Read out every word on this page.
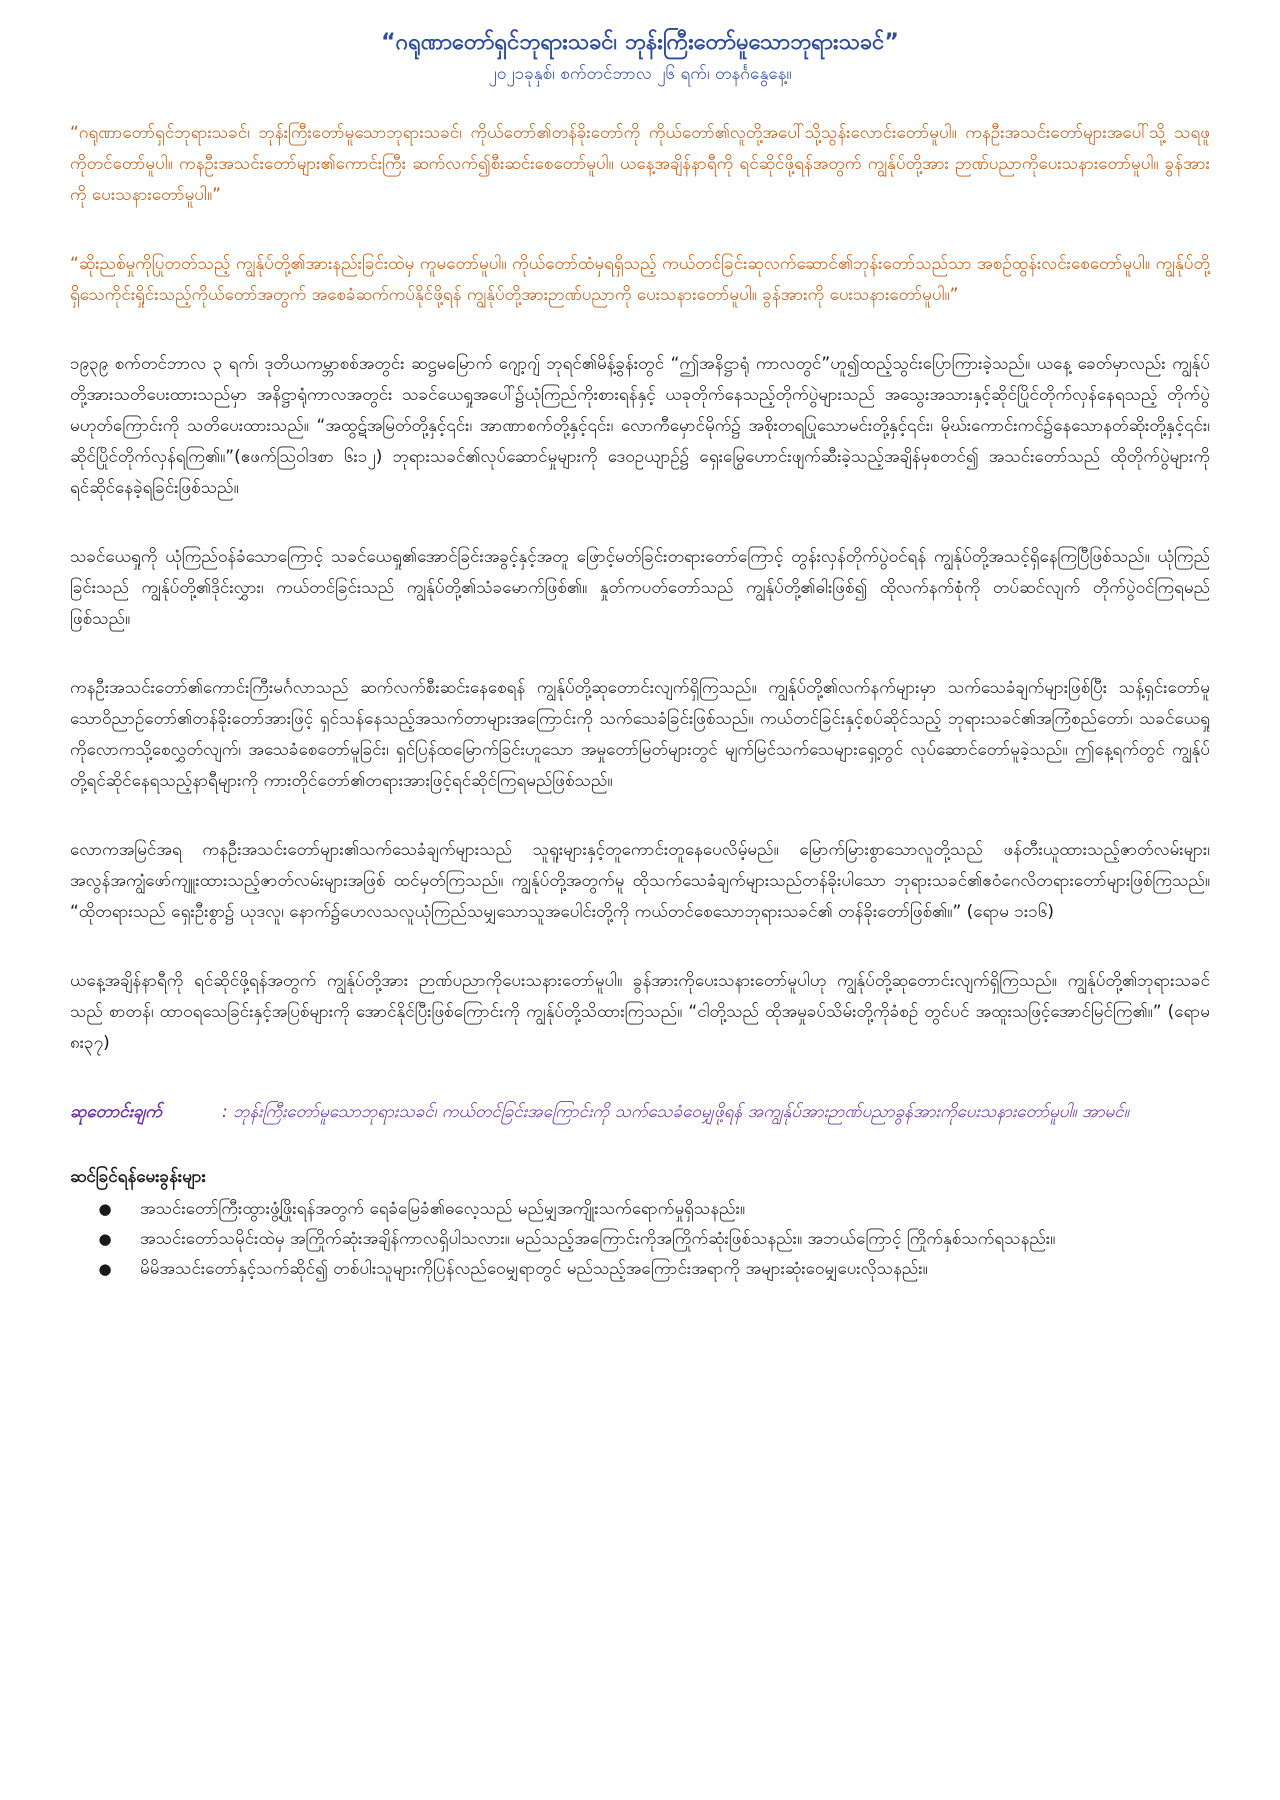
“ဂရုဏာတော်ရှင်ဘုရားသခင်၊ ဘုန်းကြီးတော်မူသောဘုရားသခင်”

၂၀၂၁ခုနှစ်၊ စက်တင်ဘာလ ၂၆ ရက်၊ တနင်္ဂနွေနေ့။

“ဂရုဏာတော်ရှင်ဘုရားသခင်၊ ဘုန်းကြီးတော်မူသောဘုရားသခင်၊ ကိုယ်တော်၏တန်ခိုးတော်ကို ကိုယ်တော်၏လူတို့အပေါ်သို့သွန်းလောင်းတော်မူပါ။ ကနဦးအသင်းတော်များအပေါ်သို့ သရဖူကိုတင်တော်မူပါ။ ကနဦးအသင်းတော်များ၏ကောင်းကြီး ဆက်လက်၍စီးဆင်းစေတော်မူပါ။ ယနေ့အချိန်နာရီကို ရင်ဆိုင်ဖို့ရန်အတွက် ကျွန်ုပ်တို့အား ဉာဏ်ပညာကိုပေးသနားတော်မူပါ။ ခွန်အားကို ပေးသနားတော်မူပါ။”

“ဆိုးညစ်မှုကိုပြုတတ်သည့် ကျွန်ုပ်တို့၏အားနည်းခြင်းထဲမှ ကူမတော်မူပါ။ ကိုယ်တော်ထံမှရရှိသည့် ကယ်တင်ခြင်းဆုလက်ဆောင်၏ဘုန်းတော်သည်သာ အစဉ်ထွန်းလင်းစေတော်မူပါ။ ကျွန်ုပ်တို့ရှိသေကိုင်းရှိုင်းသည့်ကိုယ်တော်အတွက် အစေခံဆက်ကပ်နိုင်ဖို့ရန် ကျွန်ုပ်တို့အားဉာဏ်ပညာကို ပေးသနားတော်မူပါ။ ခွန်အားကို ပေးသနားတော်မူပါ။”

၁၉၃၉ စက်တင်ဘာလ ၃ ရက်၊ ဒုတိယကမ္ဘာစစ်အတွင်း ဆဋ္ဌမမြောက် ဂျော့ဂျ် ဘုရင်၏မိန့်ခွန်းတွင် “ဤအနိဋ္ဌာရုံ ကာလတွင်”ဟူ၍ထည့်သွင်းပြောကြားခဲ့သည်။ ယနေ့ ခေတ်မှာလည်း ကျွန်ုပ်တို့အားသတိပေးထားသည်မှာ အနိဋ္ဌာရုံကာလအတွင်း သခင်ယေရှုအပေါ်၌ယုံကြည်ကိုးစားရန်နှင့် ယခုတိုက်နေသည့်တိုက်ပွဲများသည် အသွေးအသားနှင့်ဆိုင်ပြိုင်တိုက်လှန်နေရသည့် တိုက်ပွဲမဟုတ်ကြောင်းကို သတိပေးထားသည်။ “အထွဋ်အမြတ်တို့နှင့်၎င်း၊ အာဏာစက်တို့နှင့်၎င်း၊ လောကီမှောင်မိုက်၌ အစိုးတရပြုသောမင်းတို့နှင့်၎င်း၊ မိုဃ်းကောင်းကင်၌နေသောနတ်ဆိုးတို့နှင့်၎င်း၊ ဆိုင်ပြိုင်တိုက်လှန်ရကြ၏။”(ဧဖက်သြဝါဒစာ ၆း၁၂) ဘုရားသခင်၏လုပ်ဆောင်မှုများကို ဒေဝဥယျာဉ်၌ ရှေးမြွေဟောင်းဖျက်ဆီးခဲ့သည့်အချိန်မှစတင်၍ အသင်းတော်သည် ထိုတိုက်ပွဲများကို ရင်ဆိုင်နေခဲ့ရခြင်းဖြစ်သည်။

သခင်ယေရှုကို ယုံကြည်ဝန်ခံသောကြောင့် သခင်ယေရှု၏အောင်ခြင်းအခွင့်နှင့်အတူ ဖြောင့်မတ်ခြင်းတရားတော်ကြောင့် တွန်းလှန်တိုက်ပွဲဝင်ရန် ကျွန်ုပ်တို့အသင့်ရှိနေကြပြီဖြစ်သည်။ ယုံကြည်ခြင်းသည် ကျွန်ုပ်တို့၏ဒိုင်းလွှား၊ ကယ်တင်ခြင်းသည် ကျွန်ုပ်တို့၏သံခမောက်ဖြစ်၏။ နှုတ်ကပတ်တော်သည် ကျွန်ုပ်တို့၏ဓါးဖြစ်၍ ထိုလက်နက်စုံကို တပ်ဆင်လျက် တိုက်ပွဲဝင်ကြရမည်ဖြစ်သည်။

ကနဦးအသင်းတော်၏ကောင်းကြီးမင်္ဂလာသည် ဆက်လက်စီးဆင်းနေစေရန် ကျွန်ုပ်တို့ဆုတောင်းလျက်ရှိကြသည်။ ကျွန်ုပ်တို့၏လက်နက်များမှာ သက်သေခံချက်များဖြစ်ပြီး သန့်ရှင်းတော်မူသောဝိညာဉ်တော်၏တန်ခိုးတော်အားဖြင့် ရှင်သန်နေသည့်အသက်တာများအကြောင်းကို သက်သေခံခြင်းဖြစ်သည်။ ကယ်တင်ခြင်းနှင့်စပ်ဆိုင်သည့် ဘုရားသခင်၏အကြံစည်တော်၊ သခင်ယေရှုကိုလောကသို့စေလွှတ်လျက်၊ အသေခံစေတော်မူခြင်း၊ ရှင်ပြန်ထမြောက်ခြင်းဟူသော အမှုတော်မြတ်များတွင် မျက်မြင်သက်သေများရှေ့တွင် လုပ်ဆောင်တော်မူခဲ့သည်။ ဤနေ့ရက်တွင် ကျွန်ုပ်တို့ရင်ဆိုင်နေရသည့်နာရီများကို ကားတိုင်တော်၏တရားအားဖြင့်ရင်ဆိုင်ကြရမည်ဖြစ်သည်။

လောကအမြင်အရ ကနဦးအသင်းတော်များ၏သက်သေခံချက်များသည် သူရူးများနှင့်တူကောင်းတူနေပေလိမ့်မည်။ မြောက်မြားစွာသောလူတို့သည် ဖန်တီးယူထားသည့်ဇာတ်လမ်းများ၊ အလွန်အကျွံဖော်ကျူးထားသည့်ဇာတ်လမ်းများအဖြစ် ထင်မှတ်ကြသည်။ ကျွန်ုပ်တို့အတွက်မူ ထိုသက်သေခံချက်များသည်တန်ခိုးပါသော ဘုရားသခင်၏ဧဝံဂေလိတရားတော်များဖြစ်ကြသည်။ “ထိုတရားသည် ရှေးဦးစွာ၌ ယုဒလူ၊ နောက်၌ဟေလသလူယုံကြည်သမျှသောသူအပေါင်းတို့ကို ကယ်တင်စေသောဘုရားသခင်၏ တန်ခိုးတော်ဖြစ်၏။” (ရောမ ၁း၁၆)

ယနေ့အချိန်နာရီကို ရင်ဆိုင်ဖို့ရန်အတွက် ကျွန်ုပ်တို့အား ဉာဏ်ပညာကိုပေးသနားတော်မူပါ။ ခွန်အားကိုပေးသနားတော်မူပါဟု ကျွန်ုပ်တို့ဆုတောင်းလျက်ရှိကြသည်။ ကျွန်ုပ်တို့၏ဘုရားသခင်သည် စာတန်၊ ထာဝရသေခြင်းနှင့်အပြစ်များကို အောင်နိုင်ပြီးဖြစ်ကြောင်းကို ကျွန်ုပ်တို့သိထားကြသည်။ “ငါတို့သည် ထိုအမှုခပ်သိမ်းတို့ကိုခံစဉ် တွင်ပင် အထူးသဖြင့်အောင်မြင်ကြ၏။” (ရောမ ၈း၃၇)

ဆုတောင်းချက်	: ဘုန်းကြီးတော်မူသောဘုရားသခင်၊ ကယ်တင်ခြင်းအကြောင်းကို သက်သေခံဝေမျှဖို့ရန် အကျွန်ုပ်အားဉာဏ်ပညာခွန်အားကိုပေးသနားတော်မူပါ။ အာမင်။

ဆင်ခြင်ရန်မေးခွန်းများ

●
အသင်းတော်ကြီးထွားဖွံ့ဖြိုးရန်အတွက် ရေခံမြေခံ၏ဓလေ့သည် မည်မျှအကျိုးသက်ရောက်မှုရှိသနည်း။
●
အသင်းတော်သမိုင်းထဲမှ အကြိုက်ဆုံးအချိန်ကာလရှိပါသလား။ မည်သည့်အကြောင်းကိုအကြိုက်ဆုံးဖြစ်သနည်း။ အဘယ်ကြောင့် ကြိုက်နှစ်သက်ရသနည်း။
●
မိမိအသင်းတော်နှင့်သက်ဆိုင်၍ တစ်ပါးသူများကိုပြန်လည်ဝေမျှရာတွင် မည်သည့်အကြောင်းအရာကို အများဆုံးဝေမျှပေးလိုသနည်း။
